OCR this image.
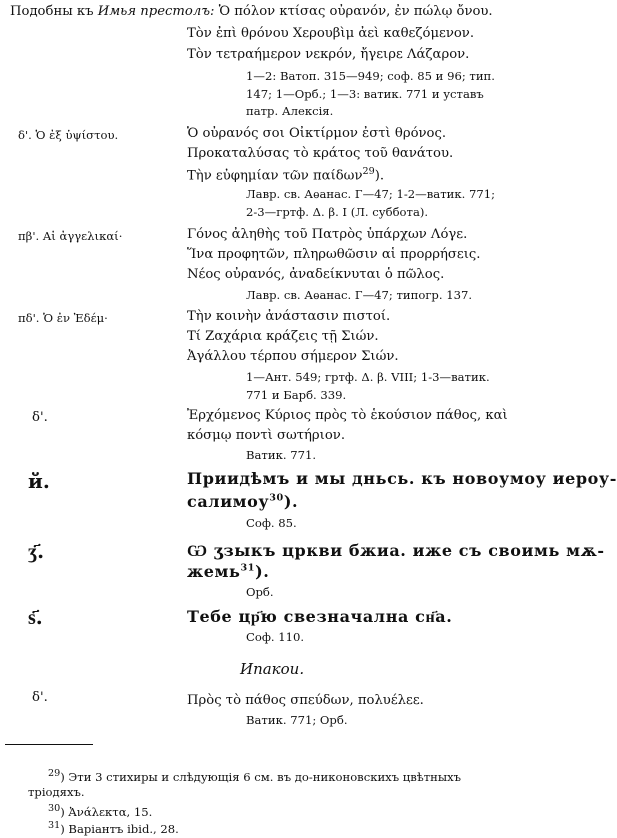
Подобны къ Имья престолъ: Ὁ πόλον κτίσας οὐρανόν, ἐν πώλῳ ὄνου.
Τὸν ἐπὶ θρόνου Χερουβὶμ ἀεὶ καθεζόμενον.
Τὸν τετραήμερον νεκρόν, ἤγειρε Λάζαρον.
1—2: Ватоп. 315—949; соф. 85 и 96; тип.
147; 1—Орб.; 1—3: ватик. 771 и уставъ
патр. Алексія.
δ'. Ὁ ἐξ ὑψίστου.	Ὁ οὐρανός σοι Οἰκτίρμον ἐστὶ θρόνος.
Προκαταλύσας τὸ κράτος τοῦ θανάτου.
Τὴν εὐφημίαν τῶν παίδων$^{29}$).
Лавр. св. Аѳанас. Г—47; 1-2—ватик. 771;
2-3—гртф. Δ. β. I (Л. суббота).
πβ'. Αἱ ἀγγελικαί·	Γόνος ἀληθὴς τοῦ Πατρὸς ὑπάρχων Λόγε.
Ἵνα προφητῶν, πληρωθῶσιν αἱ προρρήσεις.
Νέος οὐρανός, ἀναδείκνυται ὁ πῶλος.
Лавр. св. Аѳанас. Г—47; типогр. 137.
πδ'. Ὁ ἐν Ἐδέμ·	Τὴν κοινὴν ἀνάστασιν πιστοί.
Τί Ζαχάρια κράζεις τῇ Σιών.
Ἀγάλλου τέρπου σήμερον Σιών.
1—Ант. 549; гртф. Δ. β. VIII; 1-3—ватик.
771 и Барб. 339.
δ'.	Ἐρχόμενος Κύριος πρὸς τὸ ἑκούσιον πάθος, καὶ
κόσμῳ ποντὶ σωτήριον.
Ватик. 771.
й.	Приидѣмъ и мы дньсь. къ новоумоу иероу-
салимоу$^{30}$).
Соф. 85.
ӡ҃.	Ѡ ӡзыкъ цркви бжиа. иже съ своимь мѫ-
жемь$^{31}$).
Орб.
ѕ҃.	Тебе цр҃ю свезначална сн҃а.
Соф. 110.
Ипакои.
δ'.	Πρὸς τὸ πάθος σπεύδων, πολυέλεε.
Ватик. 771; Орб.
$^{29}$) Эти 3 стихиры и слѣдующія 6 см. въ до-никоновскихъ цвѣтныхъ
тріодяхъ.
$^{30}$) Ἀνάλεκτα, 15.
$^{31}$) Варіантъ ibid., 28.
